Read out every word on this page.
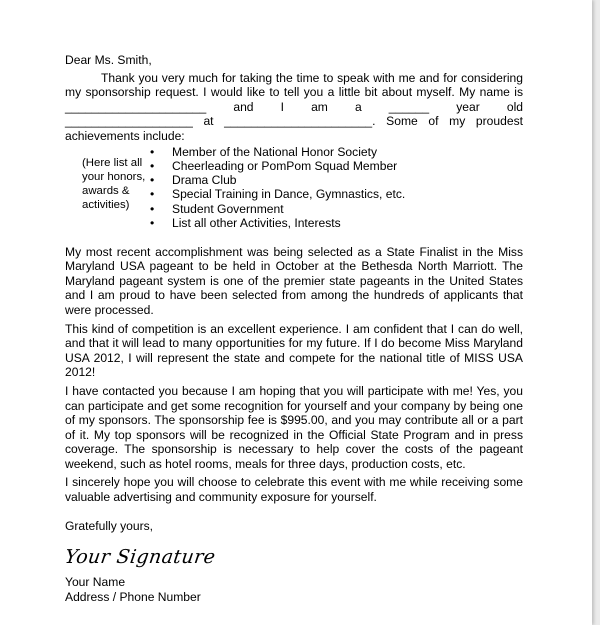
Dear Ms. Smith,
Thank you very much for taking the time to speak with me and for considering
my sponsorship request. I would like to tell you a little bit about myself. My name is
_____________________ and I am a ______ year old
___________________ at ______________________. Some of my proudest
achievements include:
(Here list all your honors, awards & activities)
• Member of the National Honor Society
• Cheerleading or PomPom Squad Member
• Drama Club
• Special Training in Dance, Gymnastics, etc.
• Student Government
• List all other Activities, Interests

My most recent accomplishment was being selected as a State Finalist in the Miss Maryland USA pageant to be held in October at the Bethesda North Marriott. The Maryland pageant system is one of the premier state pageants in the United States and I am proud to have been selected from among the hundreds of applicants that were processed.

This kind of competition is an excellent experience. I am confident that I can do well, and that it will lead to many opportunities for my future. If I do become Miss Maryland USA 2012, I will represent the state and compete for the national title of MISS USA 2012!

I have contacted you because I am hoping that you will participate with me! Yes, you can participate and get some recognition for yourself and your company by being one of my sponsors. The sponsorship fee is $995.00, and you may contribute all or a part of it. My top sponsors will be recognized in the Official State Program and in press coverage. The sponsorship is necessary to help cover the costs of the pageant weekend, such as hotel rooms, meals for three days, production costs, etc.

I sincerely hope you will choose to celebrate this event with me while receiving some valuable advertising and community exposure for yourself.

Gratefully yours,
Your Signature
Your Name
Address / Phone Number
